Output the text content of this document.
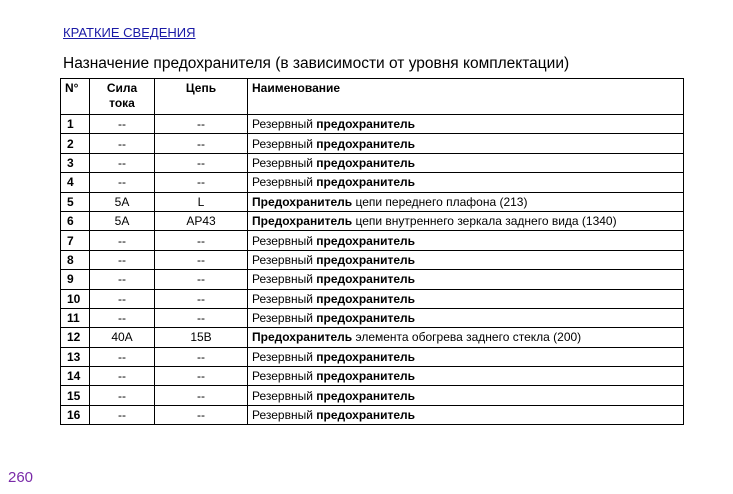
КРАТКИЕ СВЕДЕНИЯ
Назначение предохранителя (в зависимости от уровня комплектации)
N°	Сила тока	Цепь	Наименование
1	--	--	Резервный предохранитель
2	--	--	Резервный предохранитель
3	--	--	Резервный предохранитель
4	--	--	Резервный предохранитель
5	5A	L	Предохранитель цепи переднего плафона (213)
6	5A	AP43	Предохранитель цепи внутреннего зеркала заднего вида (1340)
7	--	--	Резервный предохранитель
8	--	--	Резервный предохранитель
9	--	--	Резервный предохранитель
10	--	--	Резервный предохранитель
11	--	--	Резервный предохранитель
12	40A	15B	Предохранитель элемента обогрева заднего стекла (200)
13	--	--	Резервный предохранитель
14	--	--	Резервный предохранитель
15	--	--	Резервный предохранитель
16	--	--	Резервный предохранитель
260
